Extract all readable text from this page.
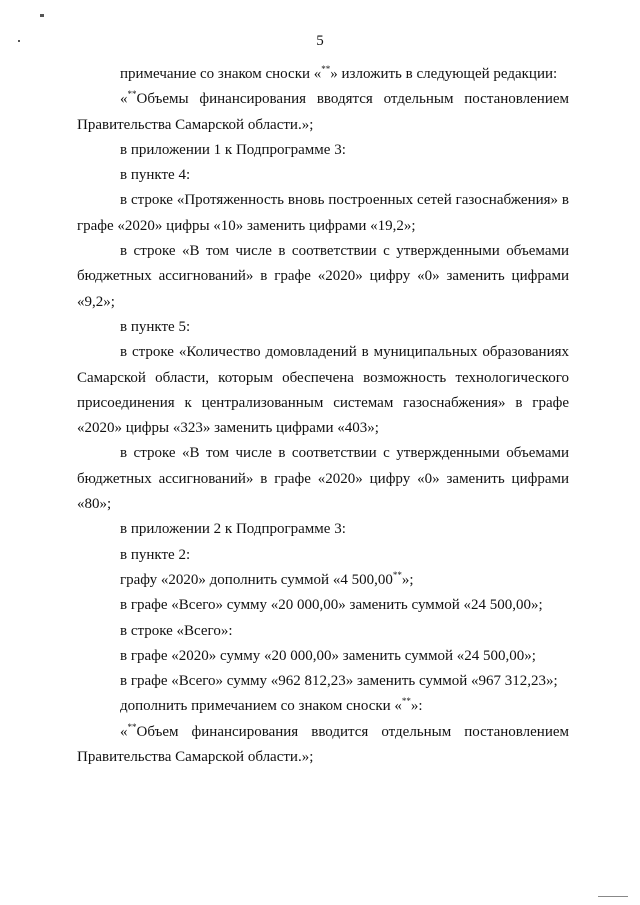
5

примечание со знаком сноски «**» изложить в следующей редакции:

«**Объемы финансирования вводятся отдельным постановлением Правительства Самарской области.»;

в приложении 1 к Подпрограмме 3:

в пункте 4:

в строке «Протяженность вновь построенных сетей газоснабжения» в графе «2020» цифры «10» заменить цифрами «19,2»;

в строке «В том числе в соответствии с утвержденными объемами бюджетных ассигнований» в графе «2020» цифру «0» заменить цифрами «9,2»;

в пункте 5:

в строке «Количество домовладений в муниципальных образованиях Самарской области, которым обеспечена возможность технологического присоединения к централизованным системам газоснабжения» в графе «2020» цифры «323» заменить цифрами «403»;

в строке «В том числе в соответствии с утвержденными объемами бюджетных ассигнований» в графе «2020» цифру «0» заменить цифрами «80»;

в приложении 2 к Подпрограмме 3:

в пункте 2:

графу «2020» дополнить суммой «4 500,00**»;

в графе «Всего» сумму «20 000,00» заменить суммой «24 500,00»;

в строке «Всего»:

в графе «2020» сумму «20 000,00» заменить суммой «24 500,00»;

в графе «Всего» сумму «962 812,23» заменить суммой «967 312,23»;

дополнить примечанием со знаком сноски «**»:

«**Объем финансирования вводится отдельным постановлением Правительства Самарской области.»;
